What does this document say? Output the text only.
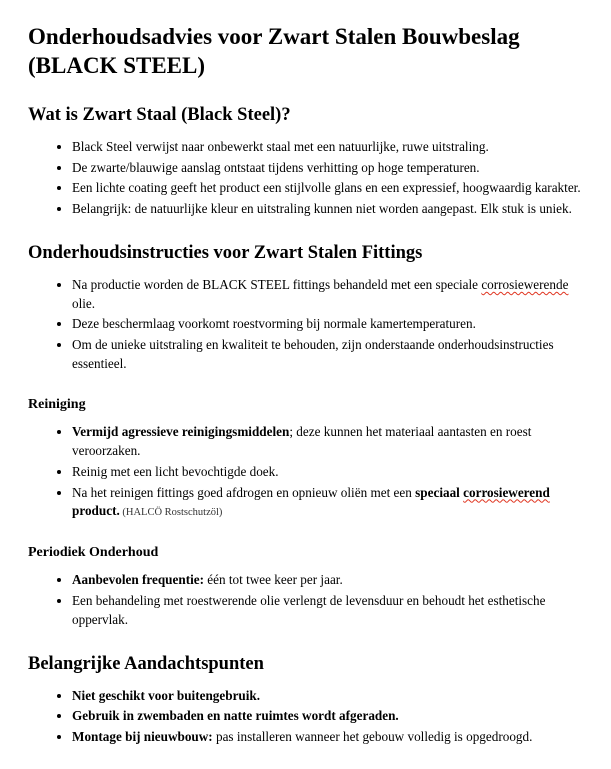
Onderhoudsadvies voor Zwart Stalen Bouwbeslag (BLACK STEEL)
Wat is Zwart Staal (Black Steel)?
• Black Steel verwijst naar onbewerkt staal met een natuurlijke, ruwe uitstraling.
• De zwarte/blauwige aanslag ontstaat tijdens verhitting op hoge temperaturen.
• Een lichte coating geeft het product een stijlvolle glans en een expressief, hoogwaardig karakter.
• Belangrijk: de natuurlijke kleur en uitstraling kunnen niet worden aangepast. Elk stuk is uniek.
Onderhoudsinstructies voor Zwart Stalen Fittings
• Na productie worden de BLACK STEEL fittings behandeld met een speciale corrosiewerende olie.
• Deze beschermlaag voorkomt roestvorming bij normale kamertemperaturen.
• Om de unieke uitstraling en kwaliteit te behouden, zijn onderstaande onderhoudsinstructies essentieel.
Reiniging
• Vermijd agressieve reinigingsmiddelen; deze kunnen het materiaal aantasten en roest veroorzaken.
• Reinig met een licht bevochtigde doek.
• Na het reinigen fittings goed afdrogen en opnieuw oliën met een speciaal corrosiewerend product. (HALCÖ Rostschutzöl)
Periodiek Onderhoud
• Aanbevolen frequentie: één tot twee keer per jaar.
• Een behandeling met roestwerende olie verlengt de levensduur en behoudt het esthetische oppervlak.
Belangrijke Aandachtspunten
• Niet geschikt voor buitengebruik.
• Gebruik in zwembaden en natte ruimtes wordt afgeraden.
• Montage bij nieuwbouw: pas installeren wanneer het gebouw volledig is opgedroogd.
